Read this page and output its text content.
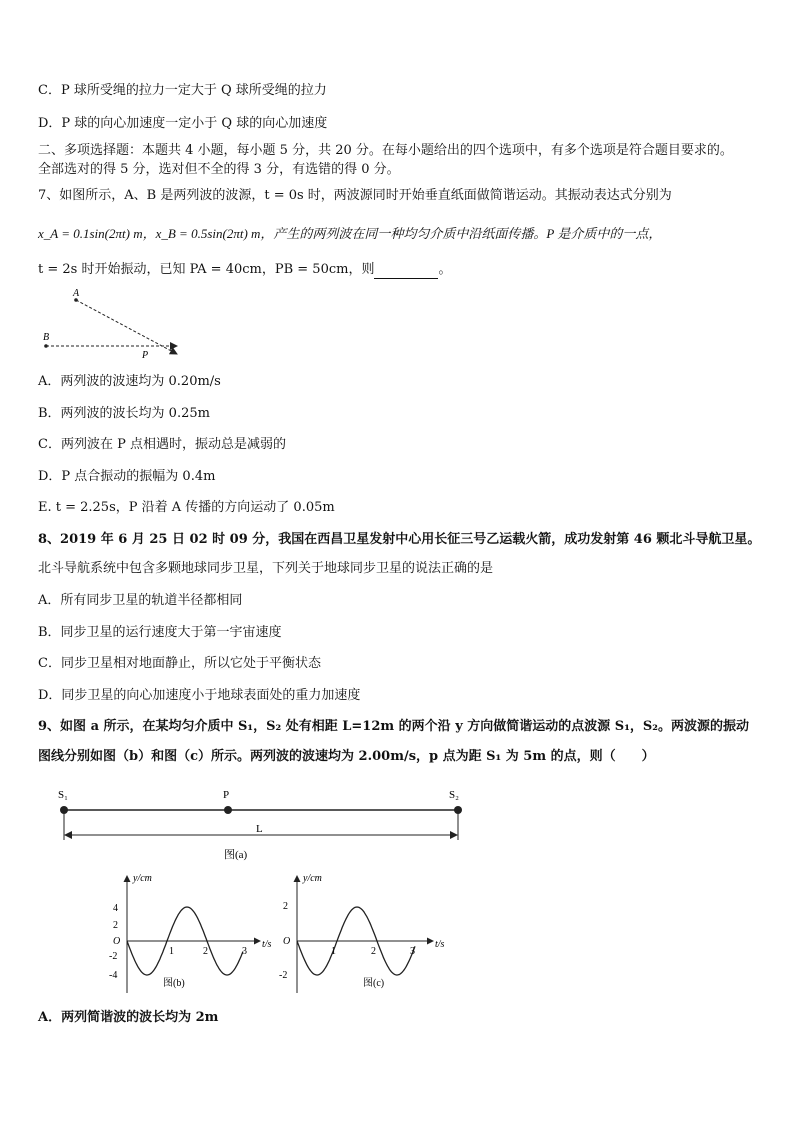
C．P 球所受绳的拉力一定大于 Q 球所受绳的拉力
D．P 球的向心加速度一定小于 Q 球的向心加速度
二、多项选择题：本题共 4 小题，每小题 5 分，共 20 分。在每小题给出的四个选项中，有多个选项是符合题目要求的。
全部选对的得 5 分，选对但不全的得 3 分，有选错的得 0 分。
7、如图所示，A、B 是两列波的波源，t = 0s 时，两波源同时开始垂直纸面做简谐运动。其振动表达式分别为
x_A = 0.1sin(2πt) m，x_B = 0.5sin(2πt) m，产生的两列波在同一种均匀介质中沿纸面传播。P 是介质中的一点，
t = 2s 时开始振动，已知 PA = 40cm，PB = 50cm，则	。
A
B
P
A．两列波的波速均为 0.20m/s
B．两列波的波长均为 0.25m
C．两列波在 P 点相遇时，振动总是减弱的
D．P 点合振动的振幅为 0.4m
E. t = 2.25s，P 沿着 A 传播的方向运动了 0.05m
8、2019 年 6 月 25 日 02 时 09 分，我国在西昌卫星发射中心用长征三号乙运载火箭，成功发射第 46 颗北斗导航卫星。
北斗导航系统中包含多颗地球同步卫星，下列关于地球同步卫星的说法正确的是
A．所有同步卫星的轨道半径都相同
B．同步卫星的运行速度大于第一宇宙速度
C．同步卫星相对地面静止，所以它处于平衡状态
D．同步卫星的向心加速度小于地球表面处的重力加速度
9、如图 a 所示，在某均匀介质中 S₁，S₂ 处有相距 L=12m 的两个沿 y 方向做简谐运动的点波源 S₁，S₂。两波源的振动
图线分别如图（b）和图（c）所示。两列波的波速均为 2.00m/s，p 点为距 S₁ 为 5m 的点，则（　　）
S₁	P	S₂
L
图(a)
y/cm
t/s
O
4
2
-2
-4
1	2	3
图(b)
y/cm
t/s
O
2
-2
1	2	3
图(c)
A．两列简谐波的波长均为 2m
